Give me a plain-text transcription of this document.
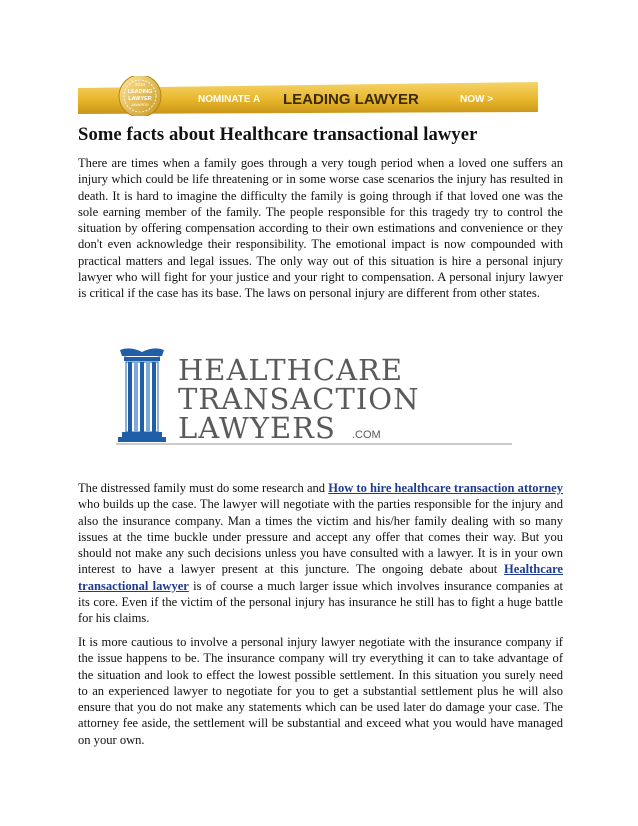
2014
LEADING
LAWYER
AWARDS	NOMINATE A LEADING LAWYER	NOW >
Some facts about Healthcare transactional lawyer

There are times when a family goes through a very tough period when a loved one suffers an injury which could be life threatening or in some worse case scenarios the injury has resulted in death. It is hard to imagine the difficulty the family is going through if that loved one was the sole earning member of the family. The people responsible for this tragedy try to control the situation by offering compensation according to their own estimations and convenience or they don't even acknowledge their responsibility. The emotional impact is now compounded with practical matters and legal issues. The only way out of this situation is hire a personal injury lawyer who will fight for your justice and your right to compensation. A personal injury lawyer is critical if the case has its base. The laws on personal injury are different from other states.

HEALTHCARE
TRANSACTION
LAWYERS .COM

The distressed family must do some research and How to hire healthcare transaction attorney who builds up the case. The lawyer will negotiate with the parties responsible for the injury and also the insurance company. Man a times the victim and his/her family dealing with so many issues at the time buckle under pressure and accept any offer that comes their way. But you should not make any such decisions unless you have consulted with a lawyer. It is in your own interest to have a lawyer present at this juncture. The ongoing debate about Healthcare transactional lawyer is of course a much larger issue which involves insurance companies at its core. Even if the victim of the personal injury has insurance he still has to fight a huge battle for his claims.

It is more cautious to involve a personal injury lawyer negotiate with the insurance company if the issue happens to be. The insurance company will try everything it can to take advantage of the situation and look to effect the lowest possible settlement. In this situation you surely need to an experienced lawyer to negotiate for you to get a substantial settlement plus he will also ensure that you do not make any statements which can be used later do damage your case. The attorney fee aside, the settlement will be substantial and exceed what you would have managed on your own.
